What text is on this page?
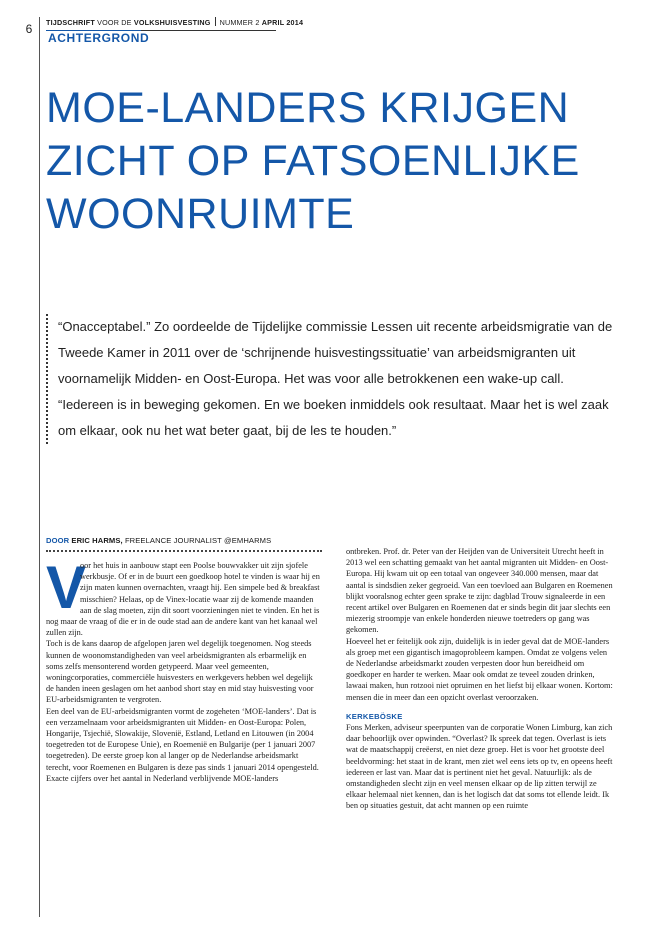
6	TIJDSCHRIFT VOOR DE VOLKSHUISVESTING NUMMER 2 APRIL 2014
ACHTERGROND
MOE-LANDERS KRIJGEN
ZICHT OP FATSOENLIJKE
WOONRUIMTE
“Onacceptabel.” Zo oordeelde de Tijdelijke commissie Lessen uit recente arbeidsmigratie van de Tweede Kamer in 2011 over de ‘schrijnende huisvestingssituatie’ van arbeidsmigranten uit voornamelijk Midden- en Oost-Europa. Het was voor alle betrokkenen een wake-up call. “Iedereen is in beweging gekomen. En we boeken inmiddels ook resultaat. Maar het is wel zaak om elkaar, ook nu het wat beter gaat, bij de les te houden.”
DOOR ERIC HARMS, FREELANCE JOURNALIST @EMHARMS
V

oor het huis in aanbouw stapt een Poolse bouwvakker uit zijn sjofele werkbusje. Of er in de buurt een goedkoop hotel te vinden is waar hij en zijn maten kunnen overnachten, vraagt hij. Een simpele bed & breakfast misschien? Helaas, op de Vinex-locatie waar zij de komende maanden aan de slag moeten, zijn dit soort voorzieningen niet te vinden. En het is nog maar de vraag of die er in de oude stad aan de andere kant van het kanaal wel zullen zijn.

Toch is de kans daarop de afgelopen jaren wel degelijk toegenomen. Nog steeds kunnen de woonomstandigheden van veel arbeidsmigranten als erbarmelijk en soms zelfs mensonterend worden getypeerd. Maar veel gemeenten, woningcorporaties, commerciële huisvesters en werkgevers hebben wel degelijk de handen ineen geslagen om het aanbod short stay en mid stay huisvesting voor EU-arbeidsmigranten te vergroten.

Een deel van de EU-arbeidsmigranten vormt de zogeheten ‘MOE-landers’. Dat is een verzamelnaam voor arbeidsmigranten uit Midden- en Oost-Europa: Polen, Hongarije, Tsjechië, Slowakije, Slovenië, Estland, Letland en Litouwen (in 2004 toegetreden tot de Europese Unie), en Roemenië en Bulgarije (per 1 januari 2007 toegetreden). De eerste groep kon al langer op de Nederlandse arbeidsmarkt terecht, voor Roemenen en Bulgaren is deze pas sinds 1 januari 2014 opengesteld.

Exacte cijfers over het aantal in Nederland verblijvende MOE-landers

ontbreken. Prof. dr. Peter van der Heijden van de Universiteit Utrecht heeft in 2013 wel een schatting gemaakt van het aantal migranten uit Midden- en Oost-Europa. Hij kwam uit op een totaal van ongeveer 340.000 mensen, maar dat aantal is sindsdien zeker gegroeid. Van een toevloed aan Bulgaren en Roemenen blijkt vooralsnog echter geen sprake te zijn: dagblad Trouw signaleerde in een recent artikel over Bulgaren en Roemenen dat er sinds begin dit jaar slechts een miezerig stroompje van enkele honderden nieuwe toetreders op gang was gekomen.

Hoeveel het er feitelijk ook zijn, duidelijk is in ieder geval dat de MOE-landers als groep met een gigantisch imagoprobleem kampen. Omdat ze volgens velen de Nederlandse arbeidsmarkt zouden verpesten door hun bereidheid om goedkoper en harder te werken. Maar ook omdat ze teveel zouden drinken, lawaai maken, hun rotzooi niet opruimen en het liefst bij elkaar wonen. Kortom: mensen die in meer dan een opzicht overlast veroorzaken.

KERKEBÖSKE

Fons Merken, adviseur speerpunten van de corporatie Wonen Limburg, kan zich daar behoorlijk over opwinden. “Overlast? Ik spreek dat tegen. Overlast is iets wat de maatschappij creëerst, en niet deze groep. Het is voor het grootste deel beeldvorming: het staat in de krant, men ziet wel eens iets op tv, en opeens heeft iedereen er last van. Maar dat is pertinent niet het geval. Natuurlijk: als de omstandigheden slecht zijn en veel mensen elkaar op de lip zitten terwijl ze elkaar helemaal niet kennen, dan is het logisch dat dat soms tot ellende leidt. Ik ben op situaties gestuit, dat acht mannen op een ruimte
